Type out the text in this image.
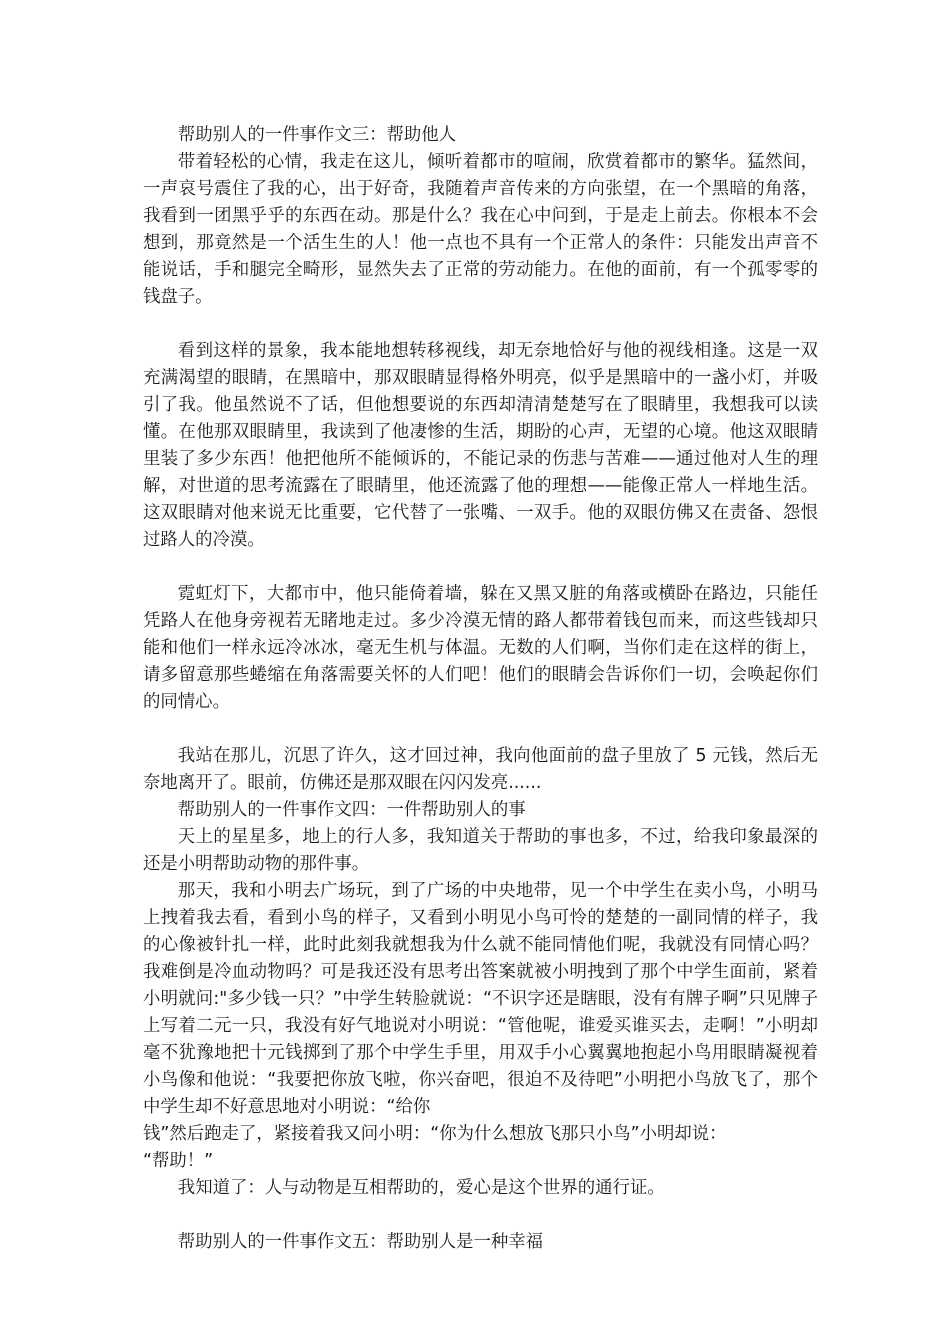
帮助别人的一件事作文三：帮助他人

带着轻松的心情，我走在这儿，倾听着都市的喧闹，欣赏着都市的繁华。猛然间，一声哀号震住了我的心，出于好奇，我随着声音传来的方向张望，在一个黑暗的角落，我看到一团黑乎乎的东西在动。那是什么？我在心中问到，于是走上前去。你根本不会想到，那竟然是一个活生生的人！他一点也不具有一个正常人的条件：只能发出声音不能说话，手和腿完全畸形，显然失去了正常的劳动能力。在他的面前，有一个孤零零的钱盘子。

看到这样的景象，我本能地想转移视线，却无奈地恰好与他的视线相逢。这是一双充满渴望的眼睛，在黑暗中，那双眼睛显得格外明亮，似乎是黑暗中的一盏小灯，并吸引了我。他虽然说不了话，但他想要说的东西却清清楚楚写在了眼睛里，我想我可以读懂。在他那双眼睛里，我读到了他凄惨的生活，期盼的心声，无望的心境。他这双眼睛里装了多少东西！他把他所不能倾诉的，不能记录的伤悲与苦难——通过他对人生的理解，对世道的思考流露在了眼睛里，他还流露了他的理想——能像正常人一样地生活。这双眼睛对他来说无比重要，它代替了一张嘴、一双手。他的双眼仿佛又在责备、怨恨过路人的冷漠。

霓虹灯下，大都市中，他只能倚着墙，躲在又黑又脏的角落或横卧在路边，只能任凭路人在他身旁视若无睹地走过。多少冷漠无情的路人都带着钱包而来，而这些钱却只能和他们一样永远冷冰冰，毫无生机与体温。无数的人们啊，当你们走在这样的街上，请多留意那些蜷缩在角落需要关怀的人们吧！他们的眼睛会告诉你们一切，会唤起你们的同情心。

我站在那儿，沉思了许久，这才回过神，我向他面前的盘子里放了 5 元钱，然后无奈地离开了。眼前，仿佛还是那双眼在闪闪发亮......

帮助别人的一件事作文四：一件帮助别人的事

天上的星星多，地上的行人多，我知道关于帮助的事也多，不过，给我印象最深的还是小明帮助动物的那件事。

那天，我和小明去广场玩，到了广场的中央地带，见一个中学生在卖小鸟，小明马上拽着我去看，看到小鸟的样子，又看到小明见小鸟可怜的楚楚的一副同情的样子，我的心像被针扎一样，此时此刻我就想我为什么就不能同情他们呢，我就没有同情心吗？我难倒是冷血动物吗？可是我还没有思考出答案就被小明拽到了那个中学生面前，紧着小明就问:"多少钱一只？”中学生转脸就说：“不识字还是瞎眼，没有有牌子啊”只见牌子上写着二元一只，我没有好气地说对小明说：“管他呢，谁爱买谁买去，走啊！”小明却毫不犹豫地把十元钱掷到了那个中学生手里，用双手小心翼翼地抱起小鸟用眼睛凝视着小鸟像和他说：“我要把你放飞啦，你兴奋吧，很迫不及待吧”小明把小鸟放飞了，那个中学生却不好意思地对小明说：“给你

钱”然后跑走了，紧接着我又问小明：“你为什么想放飞那只小鸟”小明却说：

“帮助！”

我知道了：人与动物是互相帮助的，爱心是这个世界的通行证。

帮助别人的一件事作文五：帮助别人是一种幸福
